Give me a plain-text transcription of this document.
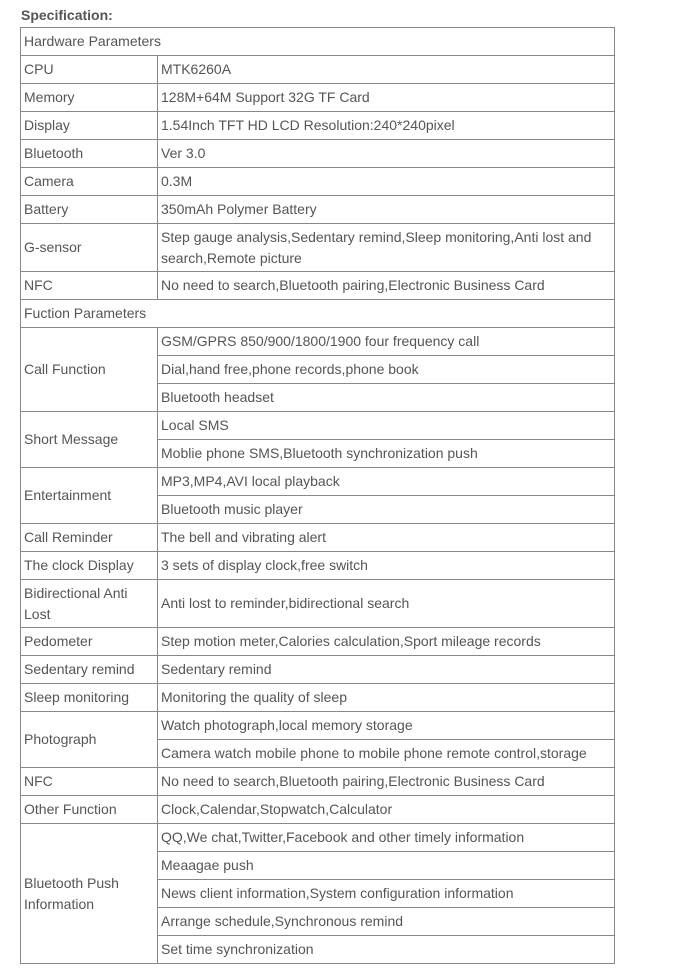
Specification:
Hardware Parameters	
CPU	MTK6260A
Memory	128M+64M Support 32G TF Card
Display	1.54Inch TFT HD LCD Resolution:240*240pixel
Bluetooth	Ver 3.0
Camera	0.3M
Battery	350mAh Polymer Battery
G-sensor	Step gauge analysis,Sedentary remind,Sleep monitoring,Anti lost and search,Remote picture
NFC	No need to search,Bluetooth pairing,Electronic Business Card
Fuction Parameters	
Call Function	GSM/GPRS 850/900/1800/1900 four frequency call
	Dial,hand free,phone records,phone book
	Bluetooth headset
Short Message	Local SMS
	Moblie phone SMS,Bluetooth synchronization push
Entertainment	MP3,MP4,AVI local playback
	Bluetooth music player
Call Reminder	The bell and vibrating alert
The clock Display	3 sets of display clock,free switch
Bidirectional Anti Lost	Anti lost to reminder,bidirectional search
Pedometer	Step motion meter,Calories calculation,Sport mileage records
Sedentary remind	Sedentary remind
Sleep monitoring	Monitoring the quality of sleep
Photograph	Watch photograph,local memory storage
	Camera watch mobile phone to mobile phone remote control,storage
NFC	No need to search,Bluetooth pairing,Electronic Business Card
Other Function	Clock,Calendar,Stopwatch,Calculator
Bluetooth Push Information	QQ,We chat,Twitter,Facebook and other timely information
	Meaagae push
	News client information,System configuration information
	Arrange schedule,Synchronous remind
	Set time synchronization
